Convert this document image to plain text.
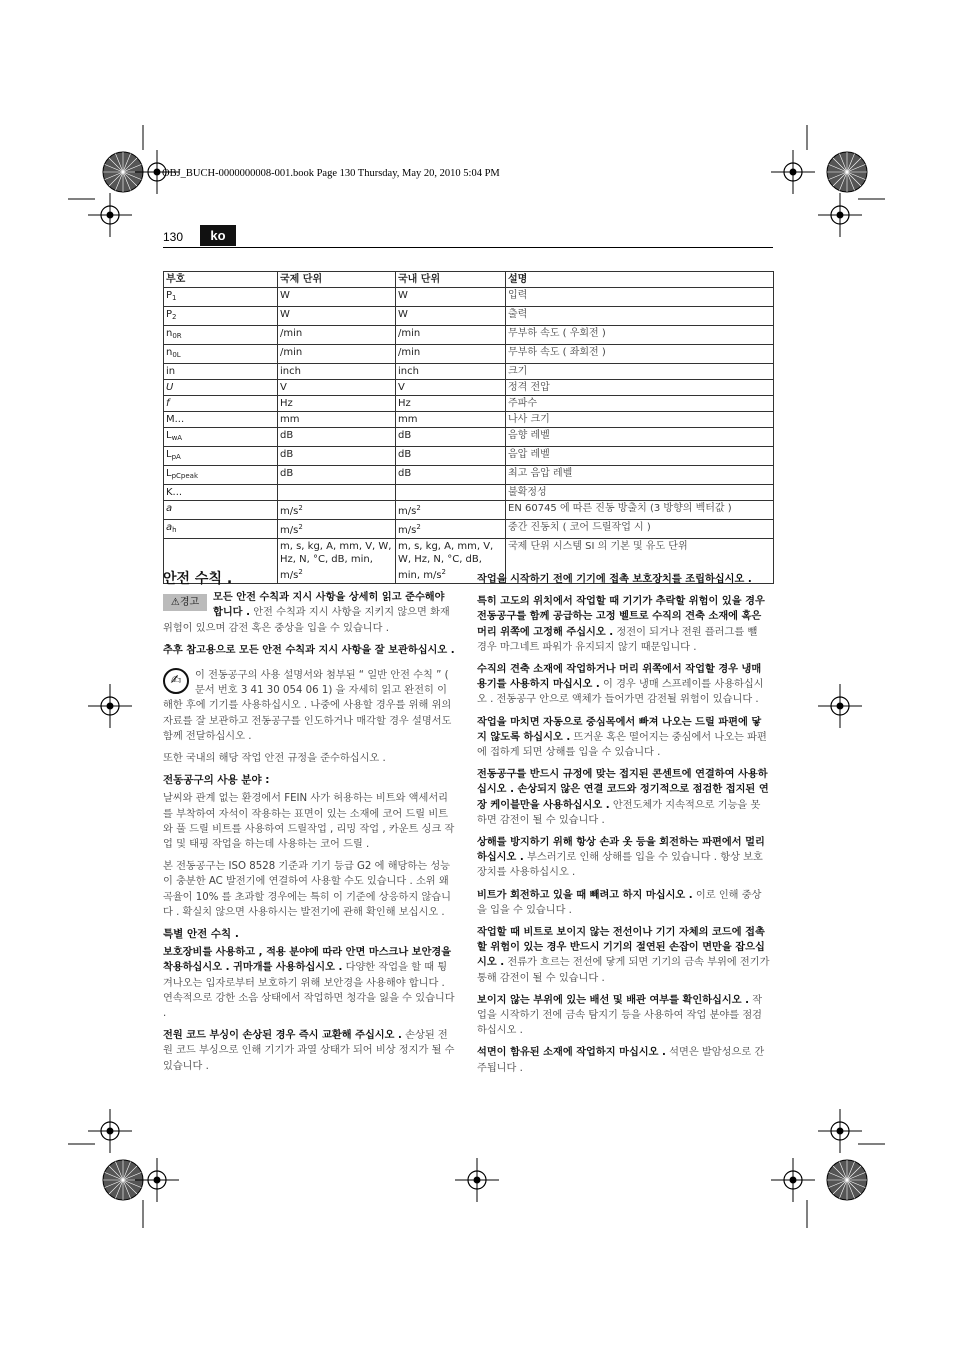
OBJ_BUCH-0000000008-001.book Page 130 Thursday, May 20, 2010 5:04 PM
130	ko
부호	국제 단위	국내 단위	설명
$P_1$	W	W	입력
$P_2$	W	W	출력
$n_{0R}$	/min	/min	무부하 속도 ( 우회전 )
$n_{0L}$	/min	/min	무부하 속도 ( 좌회전 )
in	inch	inch	크기
U	V	V	정격 전압
f	Hz	Hz	주파수
M...	mm	mm	나사 크기
$L_{wA}$	dB	dB	음향 레벨
$L_{pA}$	dB	dB	음압 레벨
$L_{pCpeak}$	dB	dB	최고 음압 레벨
K...			불확정성
a	$m/s^2$	$m/s^2$	EN 60745 에 따른 진동 방출치 (3 방향의 벡터값 )
$a_h$	$m/s^2$	$m/s^2$	중간 진동치 ( 코어 드릴작업 시 )
	m, s, kg, A, mm, V, W, Hz, N, °C, dB, min, $m/s^2$	m, s, kg, A, mm, V, W, Hz, N, °C, dB, min, $m/s^2$	국제 단위 시스템 SI 의 기본 및 유도 단위
안전 수칙 .

⚠경고	모든 안전 수칙과 지시 사항을 상세히 읽고 준수해야 합니다 . 안전 수칙과 지시 사항을 지키지 않으면 화재 위험이 있으며 감전 혹은 중상을 입을 수 있습니다 .

추후 참고용으로 모든 안전 수칙과 지시 사항을 잘 보관하십시오 .

✍	이 전동공구의 사용 설명서와 첨부된 “ 일반 안전 수칙 ” ( 문서 번호 3 41 30 054 06 1) 을 자세히 읽고 완전히 이해한 후에 기기를 사용하십시오 . 나중에 사용할 경우를 위해 위의 자료를 잘 보관하고 전동공구를 인도하거나 매각할 경우 설명서도 함께 전달하십시오 .

또한 국내의 해당 작업 안전 규정을 준수하십시오 .

전동공구의 사용 분야 :

날씨와 관계 없는 환경에서 FEIN 사가 허용하는 비트와 액세서리를 부착하여 자석이 작용하는 표면이 있는 소재에 코어 드릴 비트와 풀 드릴 비트를 사용하여 드릴작업 , 리밍 작업 , 카운트 싱크 작업 및 태핑 작업을 하는데 사용하는 코어 드릴 .

본 전동공구는 ISO 8528 기준과 기기 등급 G2 에 해당하는 성능이 충분한 AC 발전기에 연결하여 사용할 수도 있습니다 . 소위 왜곡율이 10% 를 초과할 경우에는 특히 이 기준에 상응하지 않습니다 . 확실치 않으면 사용하시는 발전기에 관해 확인해 보십시오 .

특별 안전 수칙 .

보호장비를 사용하고 , 적용 분야에 따라 안면 마스크나 보안경을 착용하십시오 . 귀마개를 사용하십시오 . 다양한 작업을 할 때 튕겨나오는 입자로부터 보호하기 위해 보안경을 사용해야 합니다 . 연속적으로 강한 소음 상태에서 작업하면 청각을 잃을 수 있습니다 .

전원 코드 부싱이 손상된 경우 즉시 교환해 주십시오 . 손상된 전원 코드 부싱으로 인해 기기가 과열 상태가 되어 비상 정지가 될 수 있습니다 .

작업을 시작하기 전에 기기에 접촉 보호장치를 조립하십시오 .

특히 고도의 위치에서 작업할 때 기기가 추락할 위험이 있을 경우 전동공구를 함께 공급하는 고정 벨트로 수직의 견축 소재에 혹은 머리 위쪽에 고정해 주십시오 . 정전이 되거나 전원 플러그를 뺄 경우 마그네트 파워가 유지되지 않기 때문입니다 .

수직의 견축 소재에 작업하거나 머리 위쪽에서 작업할 경우 냉매 용기를 사용하지 마십시오 . 이 경우 냉매 스프레이를 사용하십시오 . 전동공구 안으로 액체가 들어가면 감전될 위험이 있습니다 .

작업을 마치면 자동으로 중심목에서 빠져 나오는 드릴 파편에 닿지 않도록 하십시오 . 뜨거운 혹은 떨어지는 중심에서 나오는 파편에 접하게 되면 상해를 입을 수 있습니다 .

전동공구를 반드시 규정에 맞는 접지된 콘센트에 연결하여 사용하십시오 . 손상되지 않은 연결 코드와 정기적으로 점검한 접지된 연장 케이블만을 사용하십시오 . 안전도체가 지속적으로 기능을 못하면 감전이 될 수 있습니다 .

상해를 방지하기 위해 항상 손과 옷 등을 회전하는 파편에서 멀리 하십시오 . 부스러기로 인해 상해를 입을 수 있습니다 . 항상 보호장치를 사용하십시오 .

비트가 회전하고 있을 때 빼려고 하지 마십시오 . 이로 인해 중상을 입을 수 있습니다 .

작업할 때 비트로 보이지 않는 전선이나 기기 자체의 코드에 접촉할 위험이 있는 경우 반드시 기기의 절연된 손잡이 면만을 잡으십시오 . 전류가 흐르는 전선에 닿게 되면 기기의 금속 부위에 전기가 통해 감전이 될 수 있습니다 .

보이지 않는 부위에 있는 배선 및 배관 여부를 확인하십시오 . 작업을 시작하기 전에 금속 탐지기 등을 사용하여 작업 분야를 점검하십시오 .

석면이 함유된 소재에 작업하지 마십시오 . 석면은 발암성으로 간주됩니다 .
